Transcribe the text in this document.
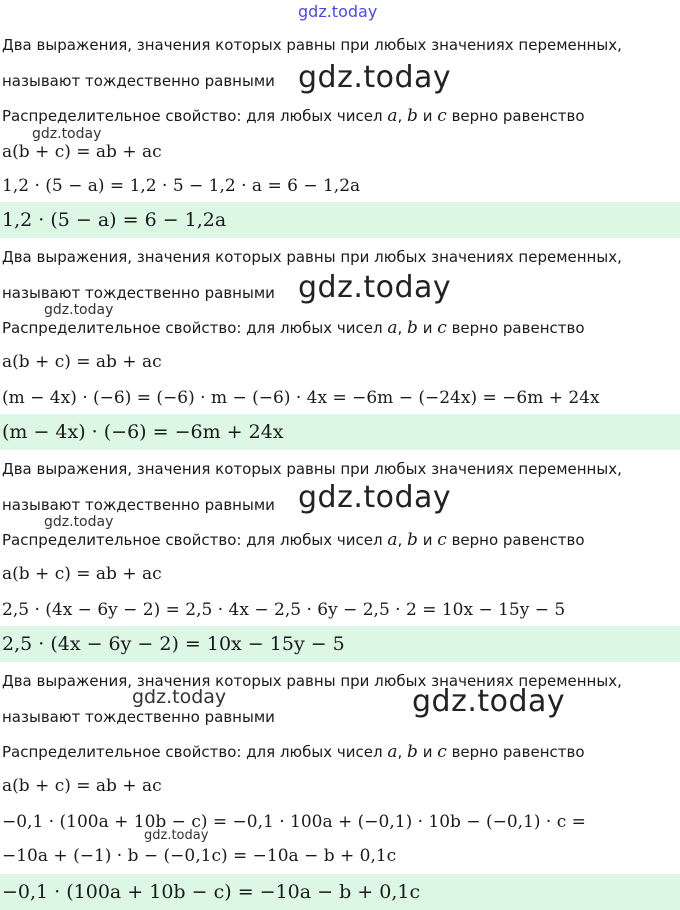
gdz.today
Два выражения, значения которых равны при любых значениях переменных,
называют тождественно равными gdz.today
Распределительное свойство: для любых чисел a, b и c верно равенство
gdz.today
a(b + c) = ab + ac
1,2 · (5 − a) = 1,2 · 5 − 1,2 · a = 6 − 1,2a
1,2 · (5 − a) = 6 − 1,2a
Два выражения, значения которых равны при любых значениях переменных,
называют тождественно равными gdz.today
gdz.today
Распределительное свойство: для любых чисел a, b и c верно равенство
a(b + c) = ab + ac
(m − 4x) · (−6) = (−6) · m − (−6) · 4x = −6m − (−24x) = −6m + 24x
(m − 4x) · (−6) = −6m + 24x
Два выражения, значения которых равны при любых значениях переменных,
называют тождественно равными gdz.today
gdz.today
Распределительное свойство: для любых чисел a, b и c верно равенство
a(b + c) = ab + ac
2,5 · (4x − 6y − 2) = 2,5 · 4x − 2,5 · 6y − 2,5 · 2 = 10x − 15y − 5
2,5 · (4x − 6y − 2) = 10x − 15y − 5
Два выражения, значения которых равны при любых значениях переменных,
gdz.today
называют тождественно равными	gdz.today
Распределительное свойство: для любых чисел a, b и c верно равенство
a(b + c) = ab + ac
−0,1 · (100a + 10b − c) = −0,1 · 100a + (−0,1) · 10b − (−0,1) · c =
gdz.today
−10a + (−1) · b − (−0,1c) = −10a − b + 0,1c
−0,1 · (100a + 10b − c) = −10a − b + 0,1c
